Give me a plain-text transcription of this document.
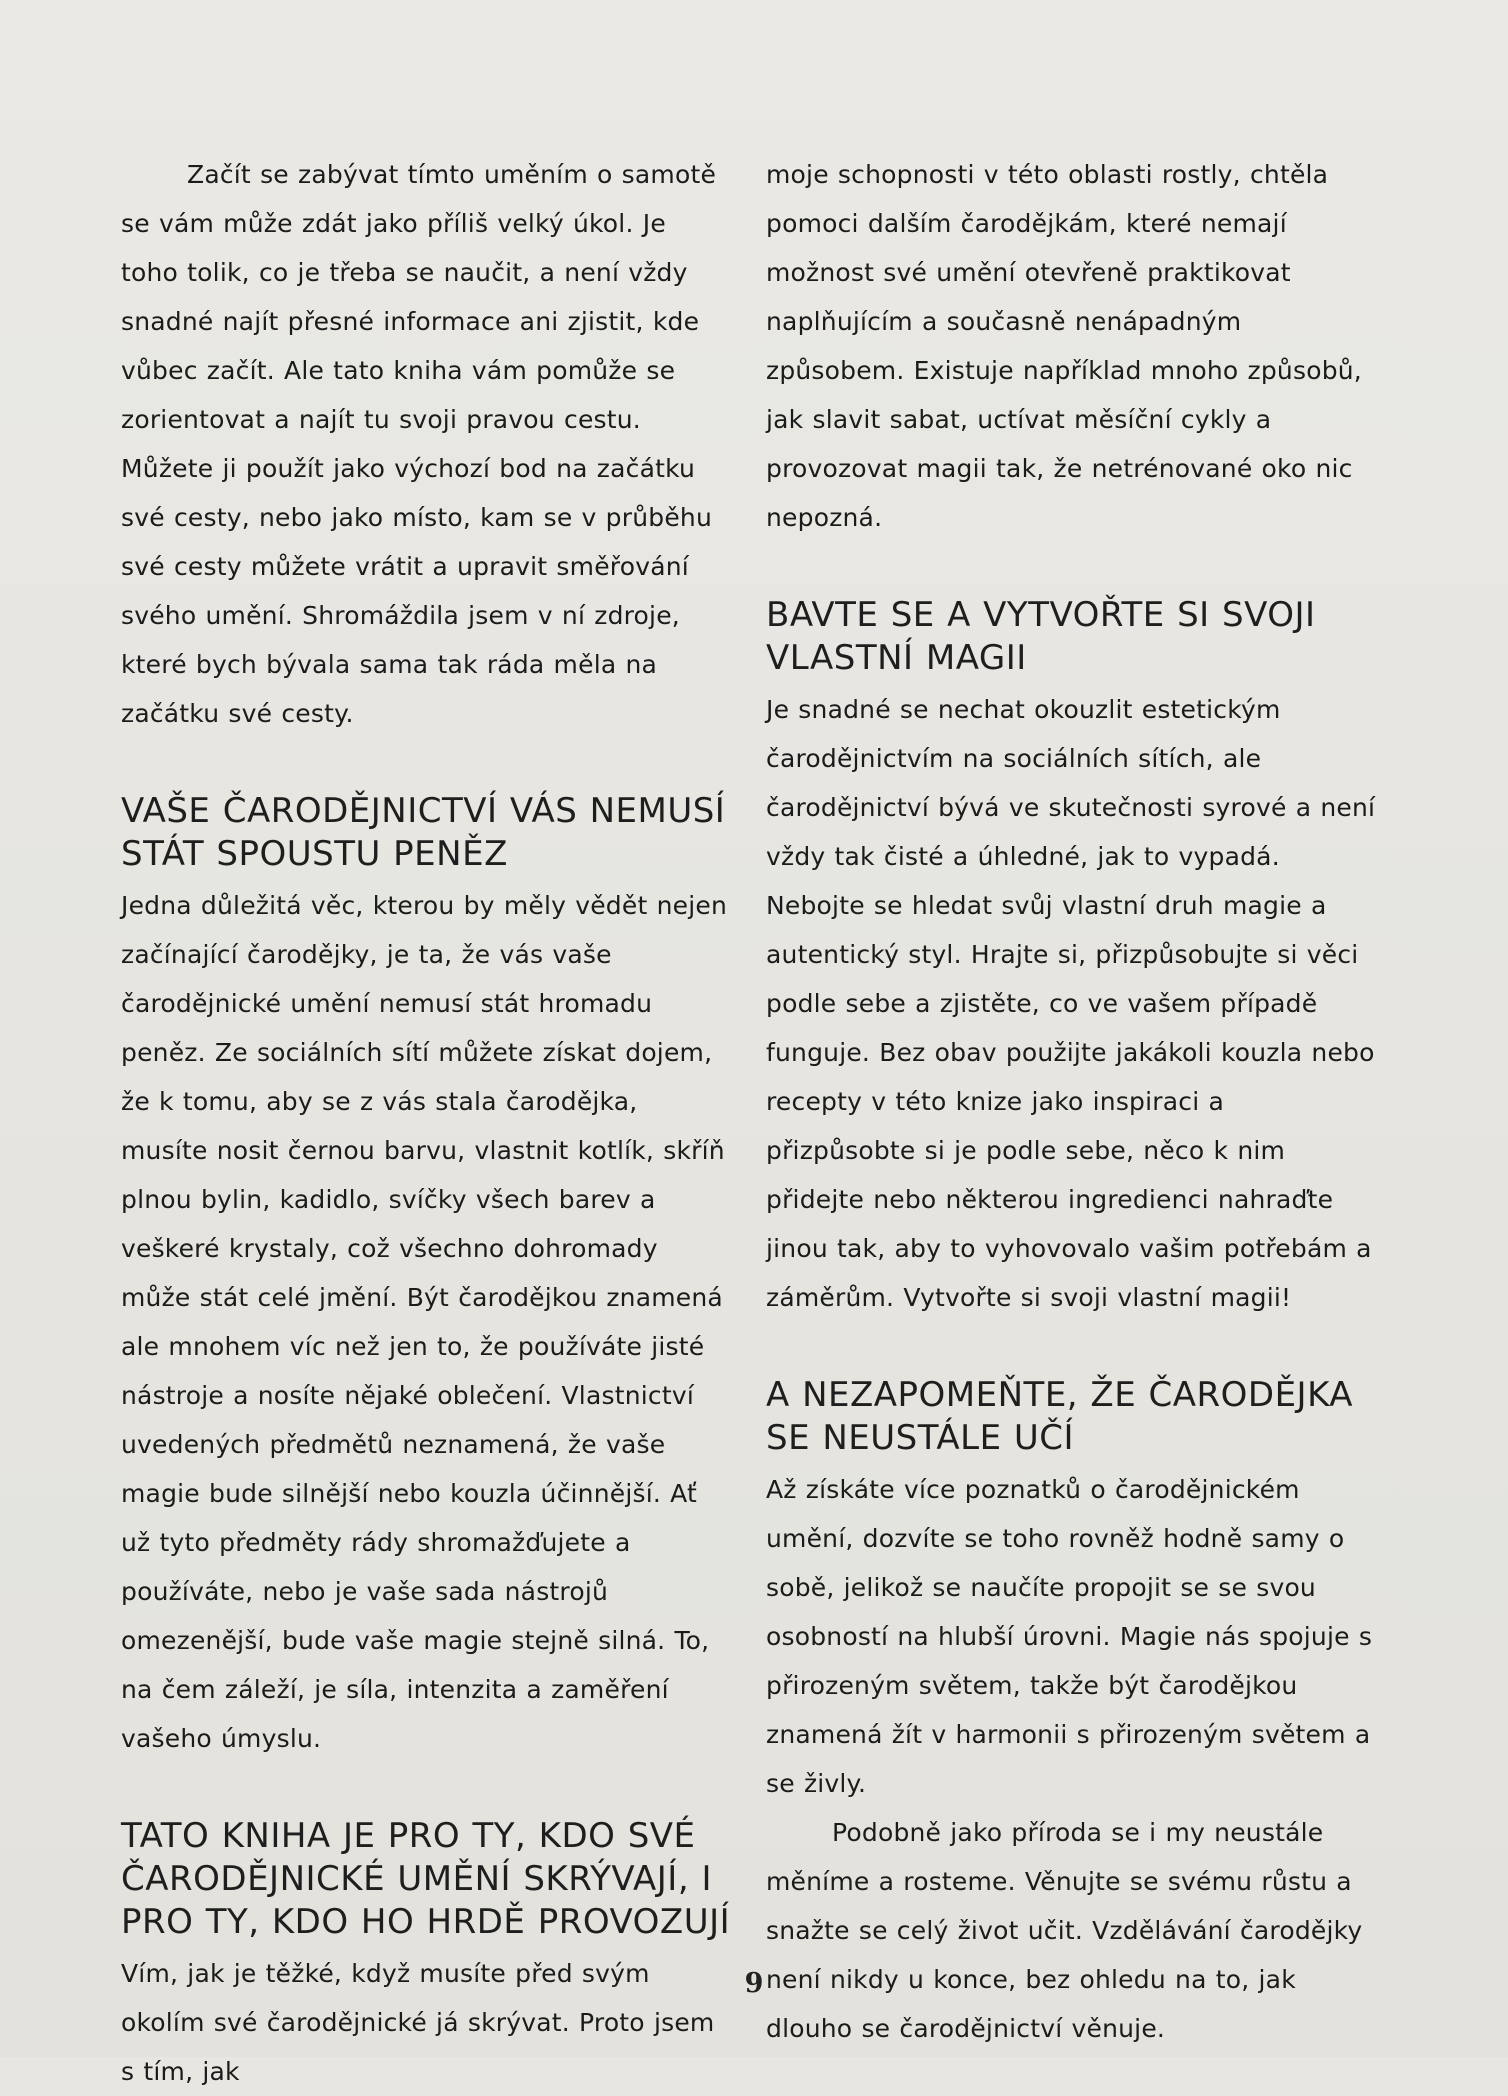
Začít se zabývat tímto uměním o samotě se vám může zdát jako příliš velký úkol. Je toho tolik, co je třeba se naučit, a není vždy snadné najít přesné informace ani zjistit, kde vůbec začít. Ale tato kniha vám pomůže se zorientovat a najít tu svoji pravou cestu. Můžete ji použít jako výchozí bod na začátku své cesty, nebo jako místo, kam se v průběhu své cesty můžete vrátit a upravit směřování svého umění. Shromáždila jsem v ní zdroje, které bych bývala sama tak ráda měla na začátku své cesty.

VAŠE ČARODĚJNICTVÍ VÁS NEMUSÍ STÁT SPOUSTU PENĚZ

Jedna důležitá věc, kterou by měly vědět nejen začínající čarodějky, je ta, že vás vaše čarodějnické umění nemusí stát hromadu peněz. Ze sociálních sítí můžete získat dojem, že k tomu, aby se z vás stala čarodějka, musíte nosit černou barvu, vlastnit kotlík, skříň plnou bylin, kadidlo, svíčky všech barev a veškeré krystaly, což všechno dohromady může stát celé jmění. Být čarodějkou znamená ale mnohem víc než jen to, že používáte jisté nástroje a nosíte nějaké oblečení. Vlastnictví uvedených předmětů neznamená, že vaše magie bude silnější nebo kouzla účinnější. Ať už tyto předměty rády shromažďujete a používáte, nebo je vaše sada nástrojů omezenější, bude vaše magie stejně silná. To, na čem záleží, je síla, intenzita a zaměření vašeho úmyslu.

TATO KNIHA JE PRO TY, KDO SVÉ ČARODĚJNICKÉ UMĚNÍ SKRÝVAJÍ, I PRO TY, KDO HO HRDĚ PROVOZUJÍ

Vím, jak je těžké, když musíte před svým okolím své čarodějnické já skrývat. Proto jsem s tím, jak

moje schopnosti v této oblasti rostly, chtěla pomoci dalším čarodějkám, které nemají možnost své umění otevřeně praktikovat naplňujícím a současně nenápadným způsobem. Existuje například mnoho způsobů, jak slavit sabat, uctívat měsíční cykly a provozovat magii tak, že netrénované oko nic nepozná.

BAVTE SE A VYTVOŘTE SI SVOJI VLASTNÍ MAGII

Je snadné se nechat okouzlit estetickým čarodějnictvím na sociálních sítích, ale čarodějnictví bývá ve skutečnosti syrové a není vždy tak čisté a úhledné, jak to vypadá. Nebojte se hledat svůj vlastní druh magie a autentický styl. Hrajte si, přizpůsobujte si věci podle sebe a zjistěte, co ve vašem případě funguje. Bez obav použijte jakákoli kouzla nebo recepty v této knize jako inspiraci a přizpůsobte si je podle sebe, něco k nim přidejte nebo některou ingredienci nahraďte jinou tak, aby to vyhovovalo vašim potřebám a záměrům. Vytvořte si svoji vlastní magii!

A NEZAPOMEŇTE, ŽE ČARODĚJKA SE NEUSTÁLE UČÍ

Až získáte více poznatků o čarodějnickém umění, dozvíte se toho rovněž hodně samy o sobě, jelikož se naučíte propojit se se svou osobností na hlubší úrovni. Magie nás spojuje s přirozeným světem, takže být čarodějkou znamená žít v harmonii s přirozeným světem a se živly.

Podobně jako příroda se i my neustále měníme a rosteme. Věnujte se svému růstu a snažte se celý život učit. Vzdělávání čarodějky není nikdy u konce, bez ohledu na to, jak dlouho se čarodějnictví věnuje.

9
